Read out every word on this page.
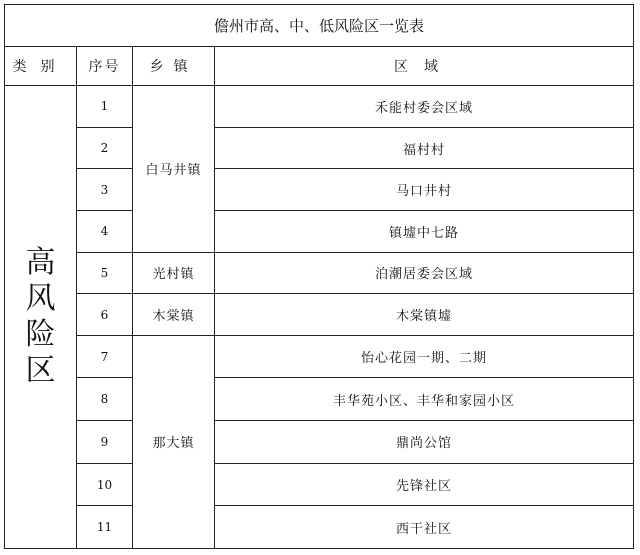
儋州市高、中、低风险区一览表			
类别	序号	乡镇	区域
高风险区	1	白马井镇	禾能村委会区域
	2		福村村
	3		马口井村
	4		镇墟中七路
	5	光村镇	泊潮居委会区域
	6	木棠镇	木棠镇墟
	7	那大镇	怡心花园一期、二期
	8		丰华苑小区、丰华和家园小区
	9		鼎尚公馆
	10		先锋社区
	11		西干社区
